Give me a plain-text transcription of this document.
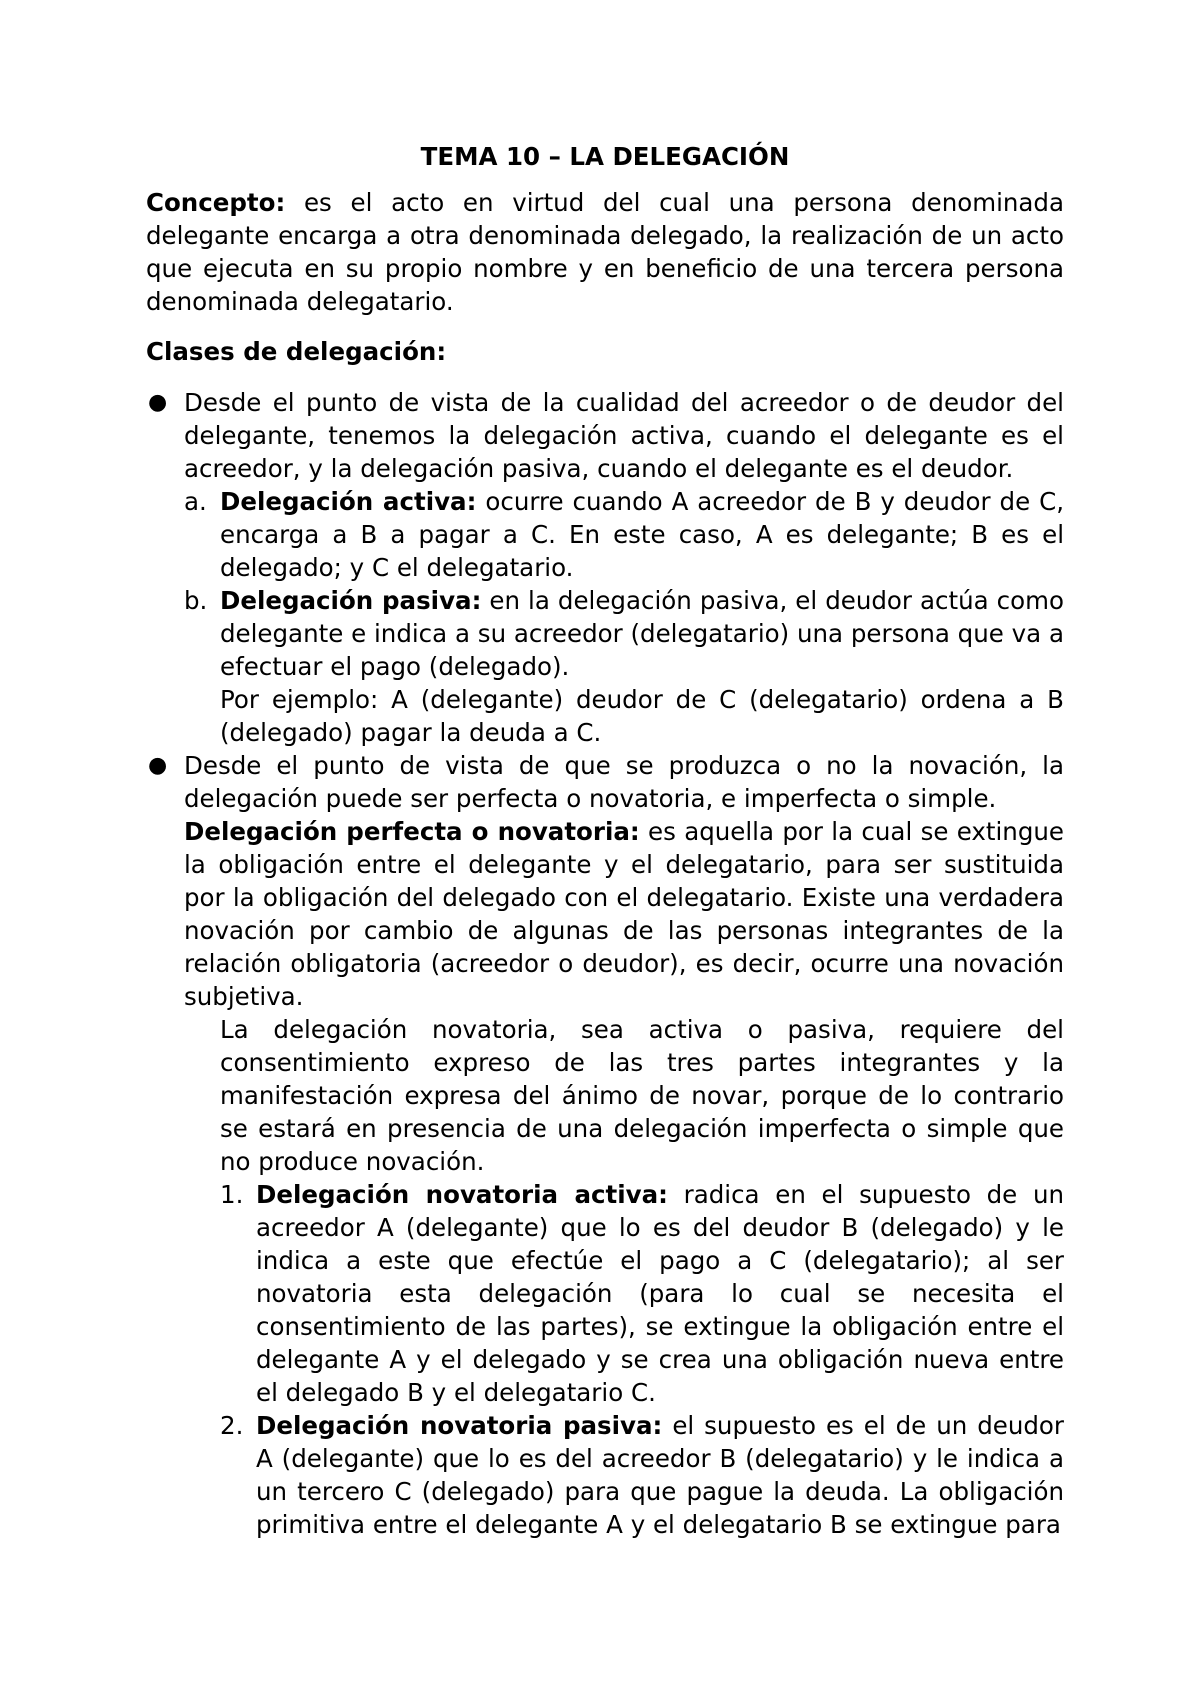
TEMA 10 – LA DELEGACIÓN

Concepto: es el acto en virtud del cual una persona denominada delegante encarga a otra denominada delegado, la realización de un acto que ejecuta en su propio nombre y en beneficio de una tercera persona denominada delegatario.

Clases de delegación:

● Desde el punto de vista de la cualidad del acreedor o de deudor del delegante, tenemos la delegación activa, cuando el delegante es el acreedor, y la delegación pasiva, cuando el delegante es el deudor.
a. Delegación activa: ocurre cuando A acreedor de B y deudor de C, encarga a B a pagar a C. En este caso, A es delegante; B es el delegado; y C el delegatario.
b. Delegación pasiva: en la delegación pasiva, el deudor actúa como delegante e indica a su acreedor (delegatario) una persona que va a efectuar el pago (delegado).

Por ejemplo: A (delegante) deudor de C (delegatario) ordena a B (delegado) pagar la deuda a C.

● Desde el punto de vista de que se produzca o no la novación, la delegación puede ser perfecta o novatoria, e imperfecta o simple.

Delegación perfecta o novatoria: es aquella por la cual se extingue la obligación entre el delegante y el delegatario, para ser sustituida por la obligación del delegado con el delegatario. Existe una verdadera novación por cambio de algunas de las personas integrantes de la relación obligatoria (acreedor o deudor), es decir, ocurre una novación subjetiva.

La delegación novatoria, sea activa o pasiva, requiere del consentimiento expreso de las tres partes integrantes y la manifestación expresa del ánimo de novar, porque de lo contrario se estará en presencia de una delegación imperfecta o simple que no produce novación.

1. Delegación novatoria activa: radica en el supuesto de un acreedor A (delegante) que lo es del deudor B (delegado) y le indica a este que efectúe el pago a C (delegatario); al ser novatoria esta delegación (para lo cual se necesita el consentimiento de las partes), se extingue la obligación entre el delegante A y el delegado y se crea una obligación nueva entre el delegado B y el delegatario C.
2. Delegación novatoria pasiva: el supuesto es el de un deudor A (delegante) que lo es del acreedor B (delegatario) y le indica a un tercero C (delegado) para que pague la deuda. La obligación primitiva entre el delegante A y el delegatario B se extingue para
